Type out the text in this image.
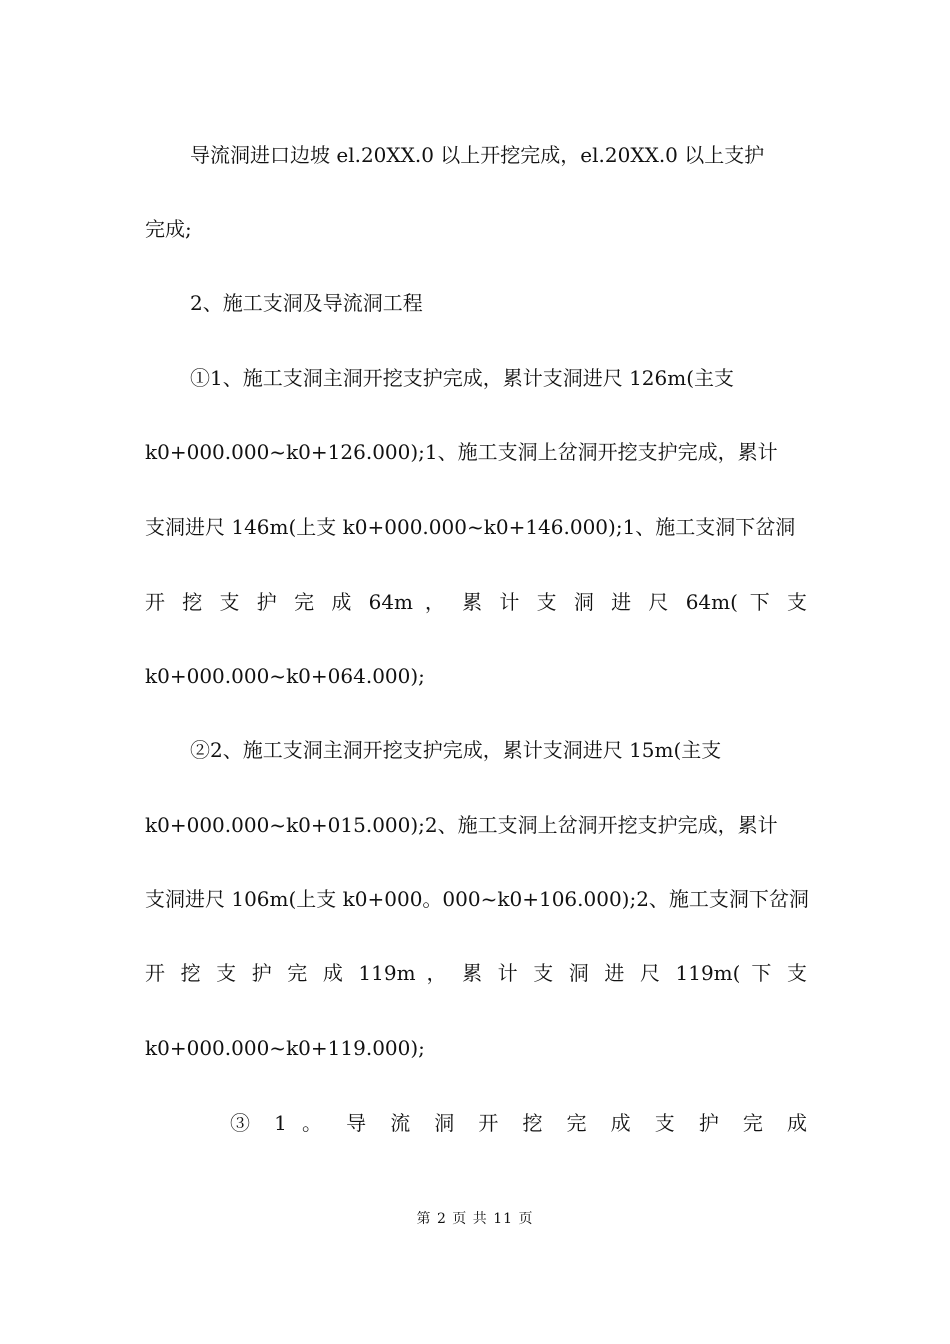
导流洞进口边坡 el.20XX.0 以上开挖完成，el.20XX.0 以上支护
完成;
2、施工支洞及导流洞工程
①1、施工支洞主洞开挖支护完成，累计支洞进尺 126m(主支
k0+000.000~k0+126.000);1、施工支洞上岔洞开挖支护完成，累计
支洞进尺 146m(上支 k0+000.000~k0+146.000);1、施工支洞下岔洞
开 挖 支 护 完 成 64m ， 累 计 支 洞 进 尺 64m( 下 支
k0+000.000~k0+064.000);
②2、施工支洞主洞开挖支护完成，累计支洞进尺 15m(主支
k0+000.000~k0+015.000);2、施工支洞上岔洞开挖支护完成，累计
支洞进尺 106m(上支 k0+000。000~k0+106.000);2、施工支洞下岔洞
开 挖 支 护 完 成 119m ， 累 计 支 洞 进 尺 119m( 下 支
k0+000.000~k0+119.000);
③ 1 。 导 流 洞 开 挖 完 成 支 护 完 成
第 2 页 共 11 页
